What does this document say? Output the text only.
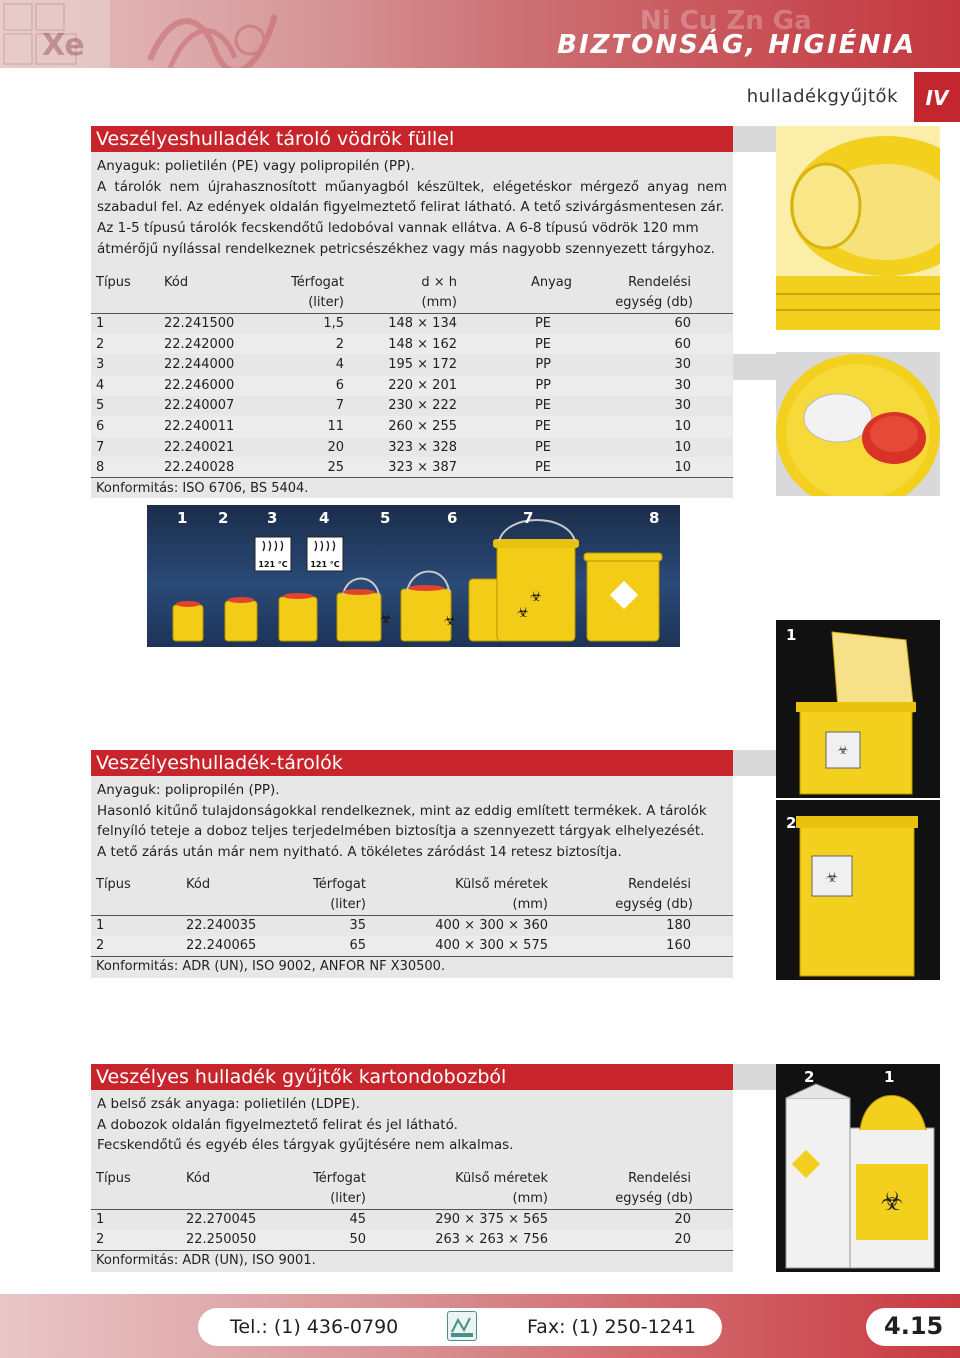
Xe
Ni Cu Zn Ga
BIZTONSÁG, HIGIÉNIA
hulladékgyűjtők	IV
Veszélyeshulladék tároló vödrök füllel
Anyaguk: polietilén (PE) vagy polipropilén (PP).
A tárolók nem újrahasznosított műanyagból készültek, elégetéskor mérgező anyag nem
szabadul fel. Az edények oldalán figyelmeztető felirat látható. A tető szivárgásmentesen zár.
Az 1-5 típusú tárolók fecskendőtű ledobóval vannak ellátva. A 6-8 típusú vödrök 120 mm
átmérőjű nyílással rendelkeznek petricsészékhez vagy más nagyobb szennyezett tárgyhoz.
Típus	Kód	Térfogat	d × h	Anyag	Rendelési
		(liter)	(mm)		egység (db)
1	22.241500	1,5	148 × 134	PE	60
2	22.242000	2	148 × 162	PE	60
3	22.244000	4	195 × 172	PP	30
4	22.246000	6	220 × 201	PP	30
5	22.240007	7	230 × 222	PE	30
6	22.240011	11	260 × 255	PE	10
7	22.240021	20	323 × 328	PE	10
8	22.240028	25	323 × 387	PE	10
Konformitás: ISO 6706, BS 5404.					
☣	☣	☣
☣
121 °C	121 °C
1 2	3	4	5	6	7	8
Veszélyeshulladék-tárolók
Anyaguk: polipropilén (PP).
Hasonló kitűnő tulajdonságokkal rendelkeznek, mint az eddig említett termékek. A tárolók
felnyíló teteje a doboz teljes terjedelmében biztosítja a szennyezett tárgyak elhelyezését.
A tető zárás után már nem nyitható. A tökéletes záródást 14 retesz biztosítja.
Típus	Kód	Térfogat	Külső méretek	Rendelési
		(liter)	(mm)	egység (db)
1	22.240035	35	400 × 300 × 360	180
2	22.240065	65	400 × 300 × 575	160
Konformitás: ADR (UN), ISO 9002, ANFOR NF X30500.				
☣
1
☣
2
Veszélyes hulladék gyűjtők kartondobozból
A belső zsák anyaga: polietilén (LDPE).
A dobozok oldalán figyelmeztető felirat és jel látható.
Fecskendőtű és egyéb éles tárgyak gyűjtésére nem alkalmas.
Típus	Kód	Térfogat	Külső méretek	Rendelési
		(liter)	(mm)	egység (db)
1	22.270045	45	290 × 375 × 565	20
2	22.250050	50	263 × 263 × 756	20
Konformitás: ADR (UN), ISO 9001.				
☣
2	1
Tel.: (1) 436-0790	Fax: (1) 250-1241	4.15
